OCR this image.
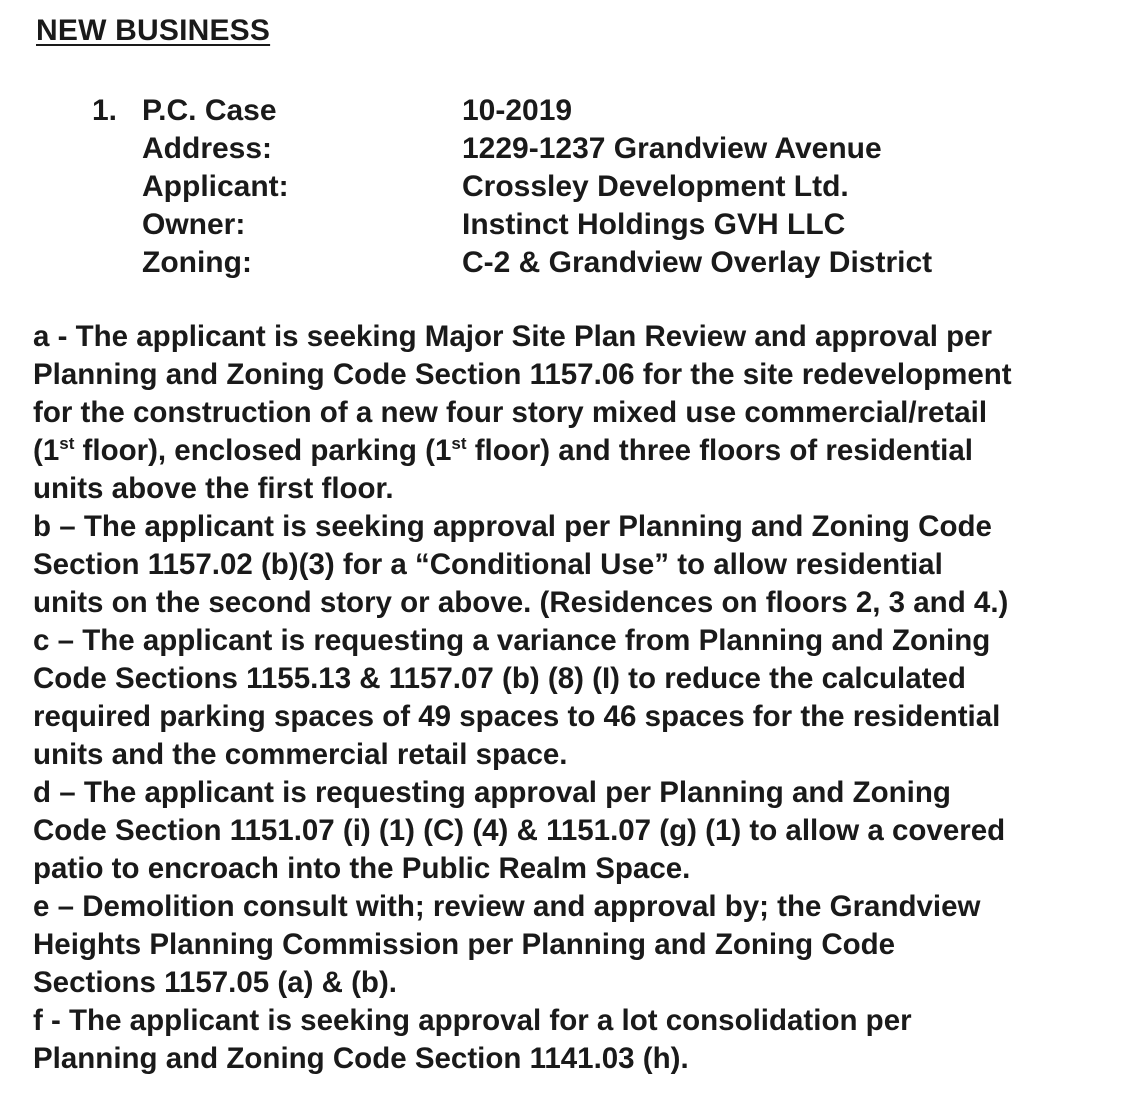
NEW BUSINESS
1. P.C. Case	10-2019
Address:	1229-1237 Grandview Avenue
Applicant:	Crossley Development Ltd.
Owner:	Instinct Holdings GVH LLC
Zoning:	C-2 & Grandview Overlay District

a - The applicant is seeking Major Site Plan Review and approval per

Planning and Zoning Code Section 1157.06 for the site redevelopment

for the construction of a new four story mixed use commercial/retail

(1st floor), enclosed parking (1st floor) and three floors of residential

units above the first floor.

b – The applicant is seeking approval per Planning and Zoning Code

Section 1157.02 (b)(3) for a “Conditional Use” to allow residential

units on the second story or above. (Residences on floors 2, 3 and 4.)

c – The applicant is requesting a variance from Planning and Zoning

Code Sections 1155.13 & 1157.07 (b) (8) (I) to reduce the calculated

required parking spaces of 49 spaces to 46 spaces for the residential

units and the commercial retail space.

d – The applicant is requesting approval per Planning and Zoning

Code Section 1151.07 (i) (1) (C) (4) & 1151.07 (g) (1) to allow a covered

patio to encroach into the Public Realm Space.

e – Demolition consult with; review and approval by; the Grandview

Heights Planning Commission per Planning and Zoning Code

Sections 1157.05 (a) & (b).

f - The applicant is seeking approval for a lot consolidation per

Planning and Zoning Code Section 1141.03 (h).
